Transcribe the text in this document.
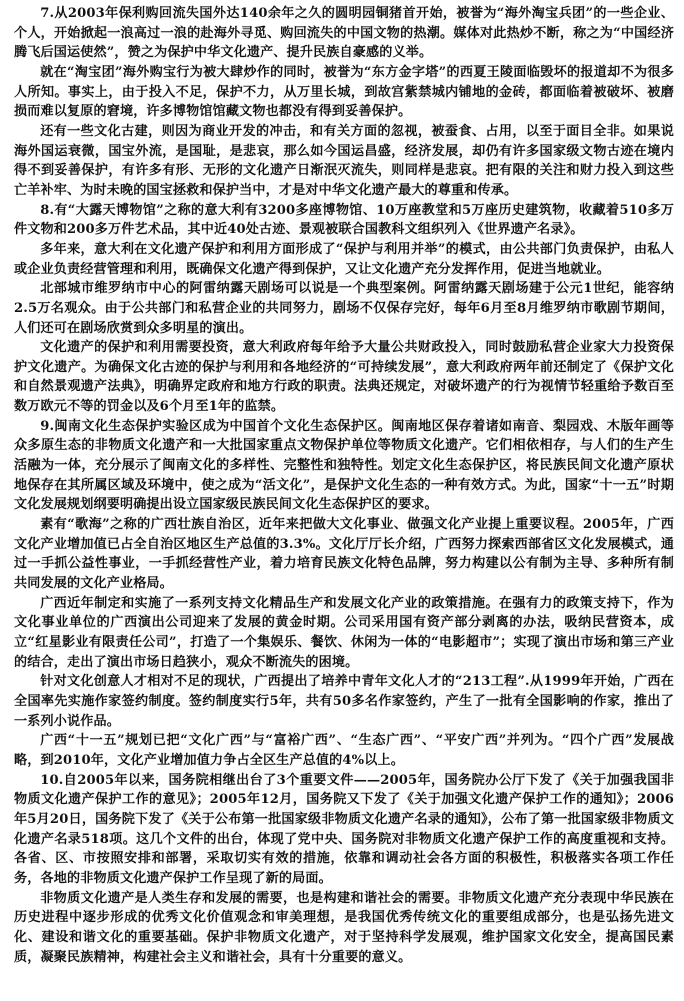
7.从2003年保利购回流失国外达140余年之久的圆明园铜猪首开始，被誉为“海外淘宝兵团”的一些企业、个人，开始掀起一浪高过一浪的赴海外寻觅、购回流失的中国文物的热潮。媒体对此热炒不断，称之为“中国经济腾飞后国运使然”，赞之为保护中华文化遗产、提升民族自豪感的义举。

就在“淘宝团”海外购宝行为被大肆炒作的同时，被誉为“东方金字塔”的西夏王陵面临毁坏的报道却不为很多人所知。事实上，由于投入不足，保护不力，从万里长城，到故宫紫禁城内铺地的金砖，都面临着被破坏、被磨损而难以复原的窘境，许多博物馆馆藏文物也都没有得到妥善保护。

还有一些文化古建，则因为商业开发的冲击，和有关方面的忽视，被蚕食、占用，以至于面目全非。如果说海外国运衰微，国宝外流，是国耻，是悲哀，那么如今国运昌盛，经济发展，却仍有许多国家级文物古迹在境内得不到妥善保护，有许多有形、无形的文化遗产日渐泯灭流失，则同样是悲哀。把有限的关注和财力投入到这些亡羊补牢、为时未晚的国宝拯救和保护当中，才是对中华文化遗产最大的尊重和传承。

8.有“大露天博物馆”之称的意大利有3200多座博物馆、10万座教堂和5万座历史建筑物，收藏着510多万件文物和200多万件艺术品，其中近40处古迹、景观被联合国教科文组织列入《世界遗产名录》。

多年来，意大利在文化遗产保护和利用方面形成了“保护与利用并举”的模式，由公共部门负责保护，由私人或企业负责经营管理和利用，既确保文化遗产得到保护，又让文化遗产充分发挥作用，促进当地就业。

北部城市维罗纳市中心的阿雷纳露天剧场可以说是一个典型案例。阿雷纳露天剧场建于公元1世纪，能容纳2.5万名观众。由于公共部门和私营企业的共同努力，剧场不仅保存完好，每年6月至8月维罗纳市歌剧节期间，人们还可在剧场欣赏到众多明星的演出。

文化遗产的保护和利用需要投资，意大利政府每年给予大量公共财政投入，同时鼓励私营企业家大力投资保护文化遗产。为确保文化古迹的保护与利用和各地经济的“可持续发展”，意大利政府两年前还制定了《保护文化和自然景观遗产法典》，明确界定政府和地方行政的职责。法典还规定，对破坏遗产的行为视情节轻重给予数百至数万欧元不等的罚金以及6个月至1年的监禁。

9.闽南文化生态保护实验区成为中国首个文化生态保护区。闽南地区保存着诸如南音、梨园戏、木版年画等众多原生态的非物质文化遗产和一大批国家重点文物保护单位等物质文化遗产。它们相依相存，与人们的生产生活融为一体，充分展示了闽南文化的多样性、完整性和独特性。划定文化生态保护区，将民族民间文化遗产原状地保存在其所属区域及环境中，使之成为“活文化”，是保护文化生态的一种有效方式。为此，国家“十一五”时期文化发展规划纲要明确提出设立国家级民族民间文化生态保护区的要求。

素有“歌海”之称的广西壮族自治区，近年来把做大文化事业、做强文化产业提上重要议程。2005年，广西文化产业增加值已占全自治区地区生产总值的3.3%。文化厅厅长介绍，广西努力探索西部省区文化发展模式，通过一手抓公益性事业，一手抓经营性产业，着力培育民族文化特色品牌，努力构建以公有制为主导、多种所有制共同发展的文化产业格局。

广西近年制定和实施了一系列支持文化精品生产和发展文化产业的政策措施。在强有力的政策支持下，作为文化事业单位的广西演出公司迎来了发展的黄金时期。公司采用国有资产部分剥离的办法，吸纳民营资本，成立“红星影业有限责任公司”，打造了一个集娱乐、餐饮、休闲为一体的“电影超市”；实现了演出市场和第三产业的结合，走出了演出市场日趋狭小，观众不断流失的困境。

针对文化创意人才相对不足的现状，广西提出了培养中青年文化人才的“213工程”.从1999年开始，广西在全国率先实施作家签约制度。签约制度实行5年，共有50多名作家签约，产生了一批有全国影响的作家，推出了一系列小说作品。

广西“十一五”规划已把“文化广西”与“富裕广西”、“生态广西”、“平安广西”并列为。“四个广西”发展战略，到2010年，文化产业增加值力争占全区生产总值的4%以上。

10.自2005年以来，国务院相继出台了3个重要文件——2005年，国务院办公厅下发了《关于加强我国非物质文化遗产保护工作的意见》；2005年12月，国务院又下发了《关于加强文化遗产保护工作的通知》；2006年5月20日，国务院下发了《关于公布第一批国家级非物质文化遗产名录的通知》，公布了第一批国家级非物质文化遗产名录518项。这几个文件的出台，体现了党中央、国务院对非物质文化遗产保护工作的高度重视和支持。各省、区、市按照安排和部署，采取切实有效的措施，依靠和调动社会各方面的积极性，积极落实各项工作任务，各地的非物质文化遗产保护工作呈现了新的局面。

非物质文化遗产是人类生存和发展的需要，也是构建和谐社会的需要。非物质文化遗产充分表现中华民族在历史进程中逐步形成的优秀文化价值观念和审美理想，是我国优秀传统文化的重要组成部分，也是弘扬先进文化、建设和谐文化的重要基础。保护非物质文化遗产，对于坚持科学发展观，维护国家文化安全，提高国民素质，凝聚民族精神，构建社会主义和谐社会，具有十分重要的意义。
